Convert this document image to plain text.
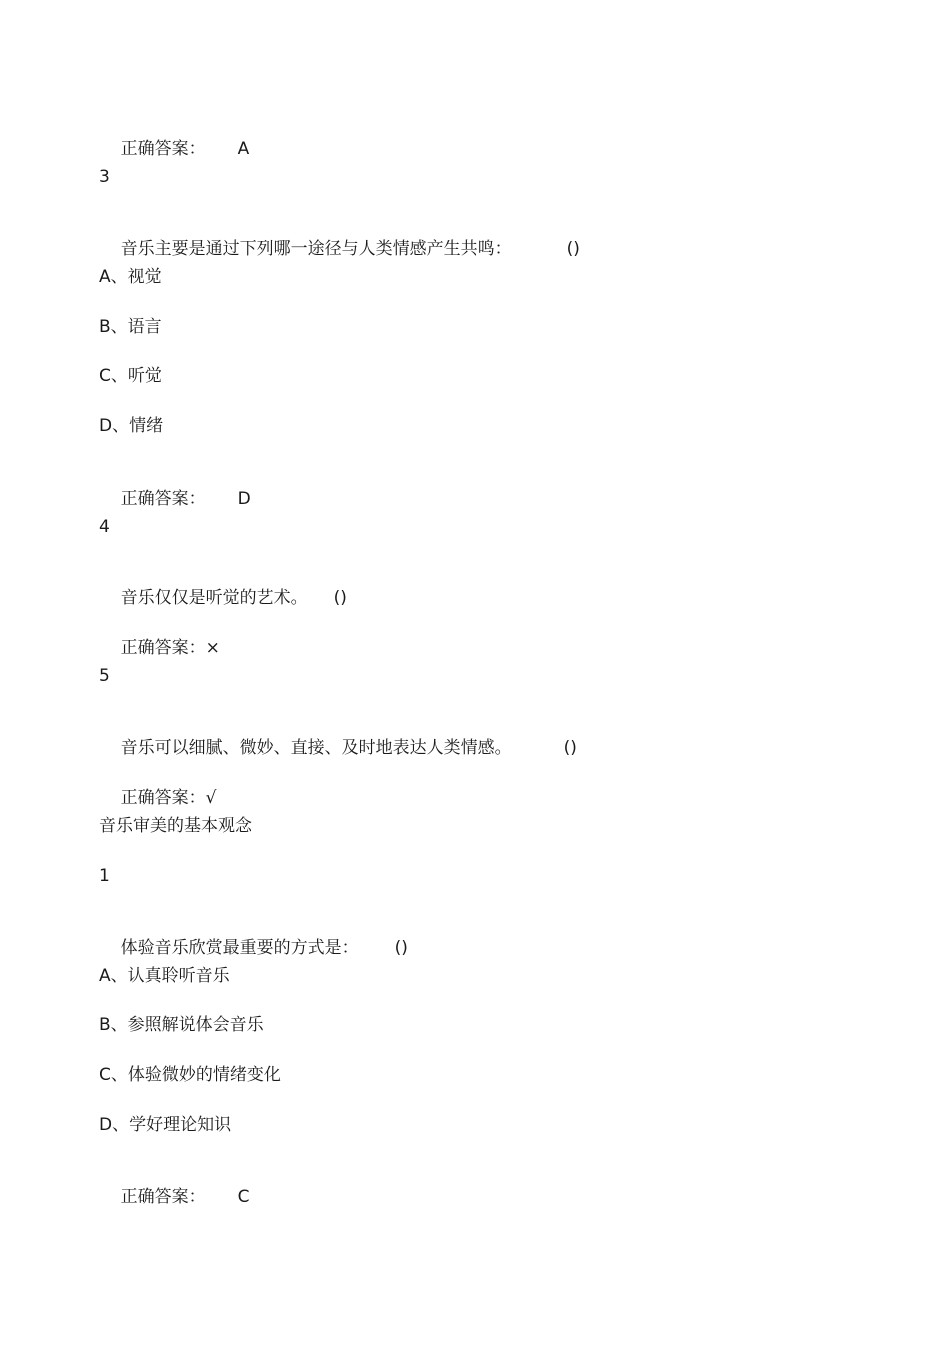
正确答案： A

3

音乐主要是通过下列哪一途径与人类情感产生共鸣：	()

A、视觉
B、语言
C、听觉
D、情绪

正确答案： D

4

音乐仅仅是听觉的艺术。 ()

正确答案：×

5

音乐可以细腻、微妙、直接、及时地表达人类情感。	()

正确答案：√

音乐审美的基本观念
1

体验音乐欣赏最重要的方式是： ()

A、认真聆听音乐
B、参照解说体会音乐
C、体验微妙的情绪变化
D、学好理论知识

正确答案： C
